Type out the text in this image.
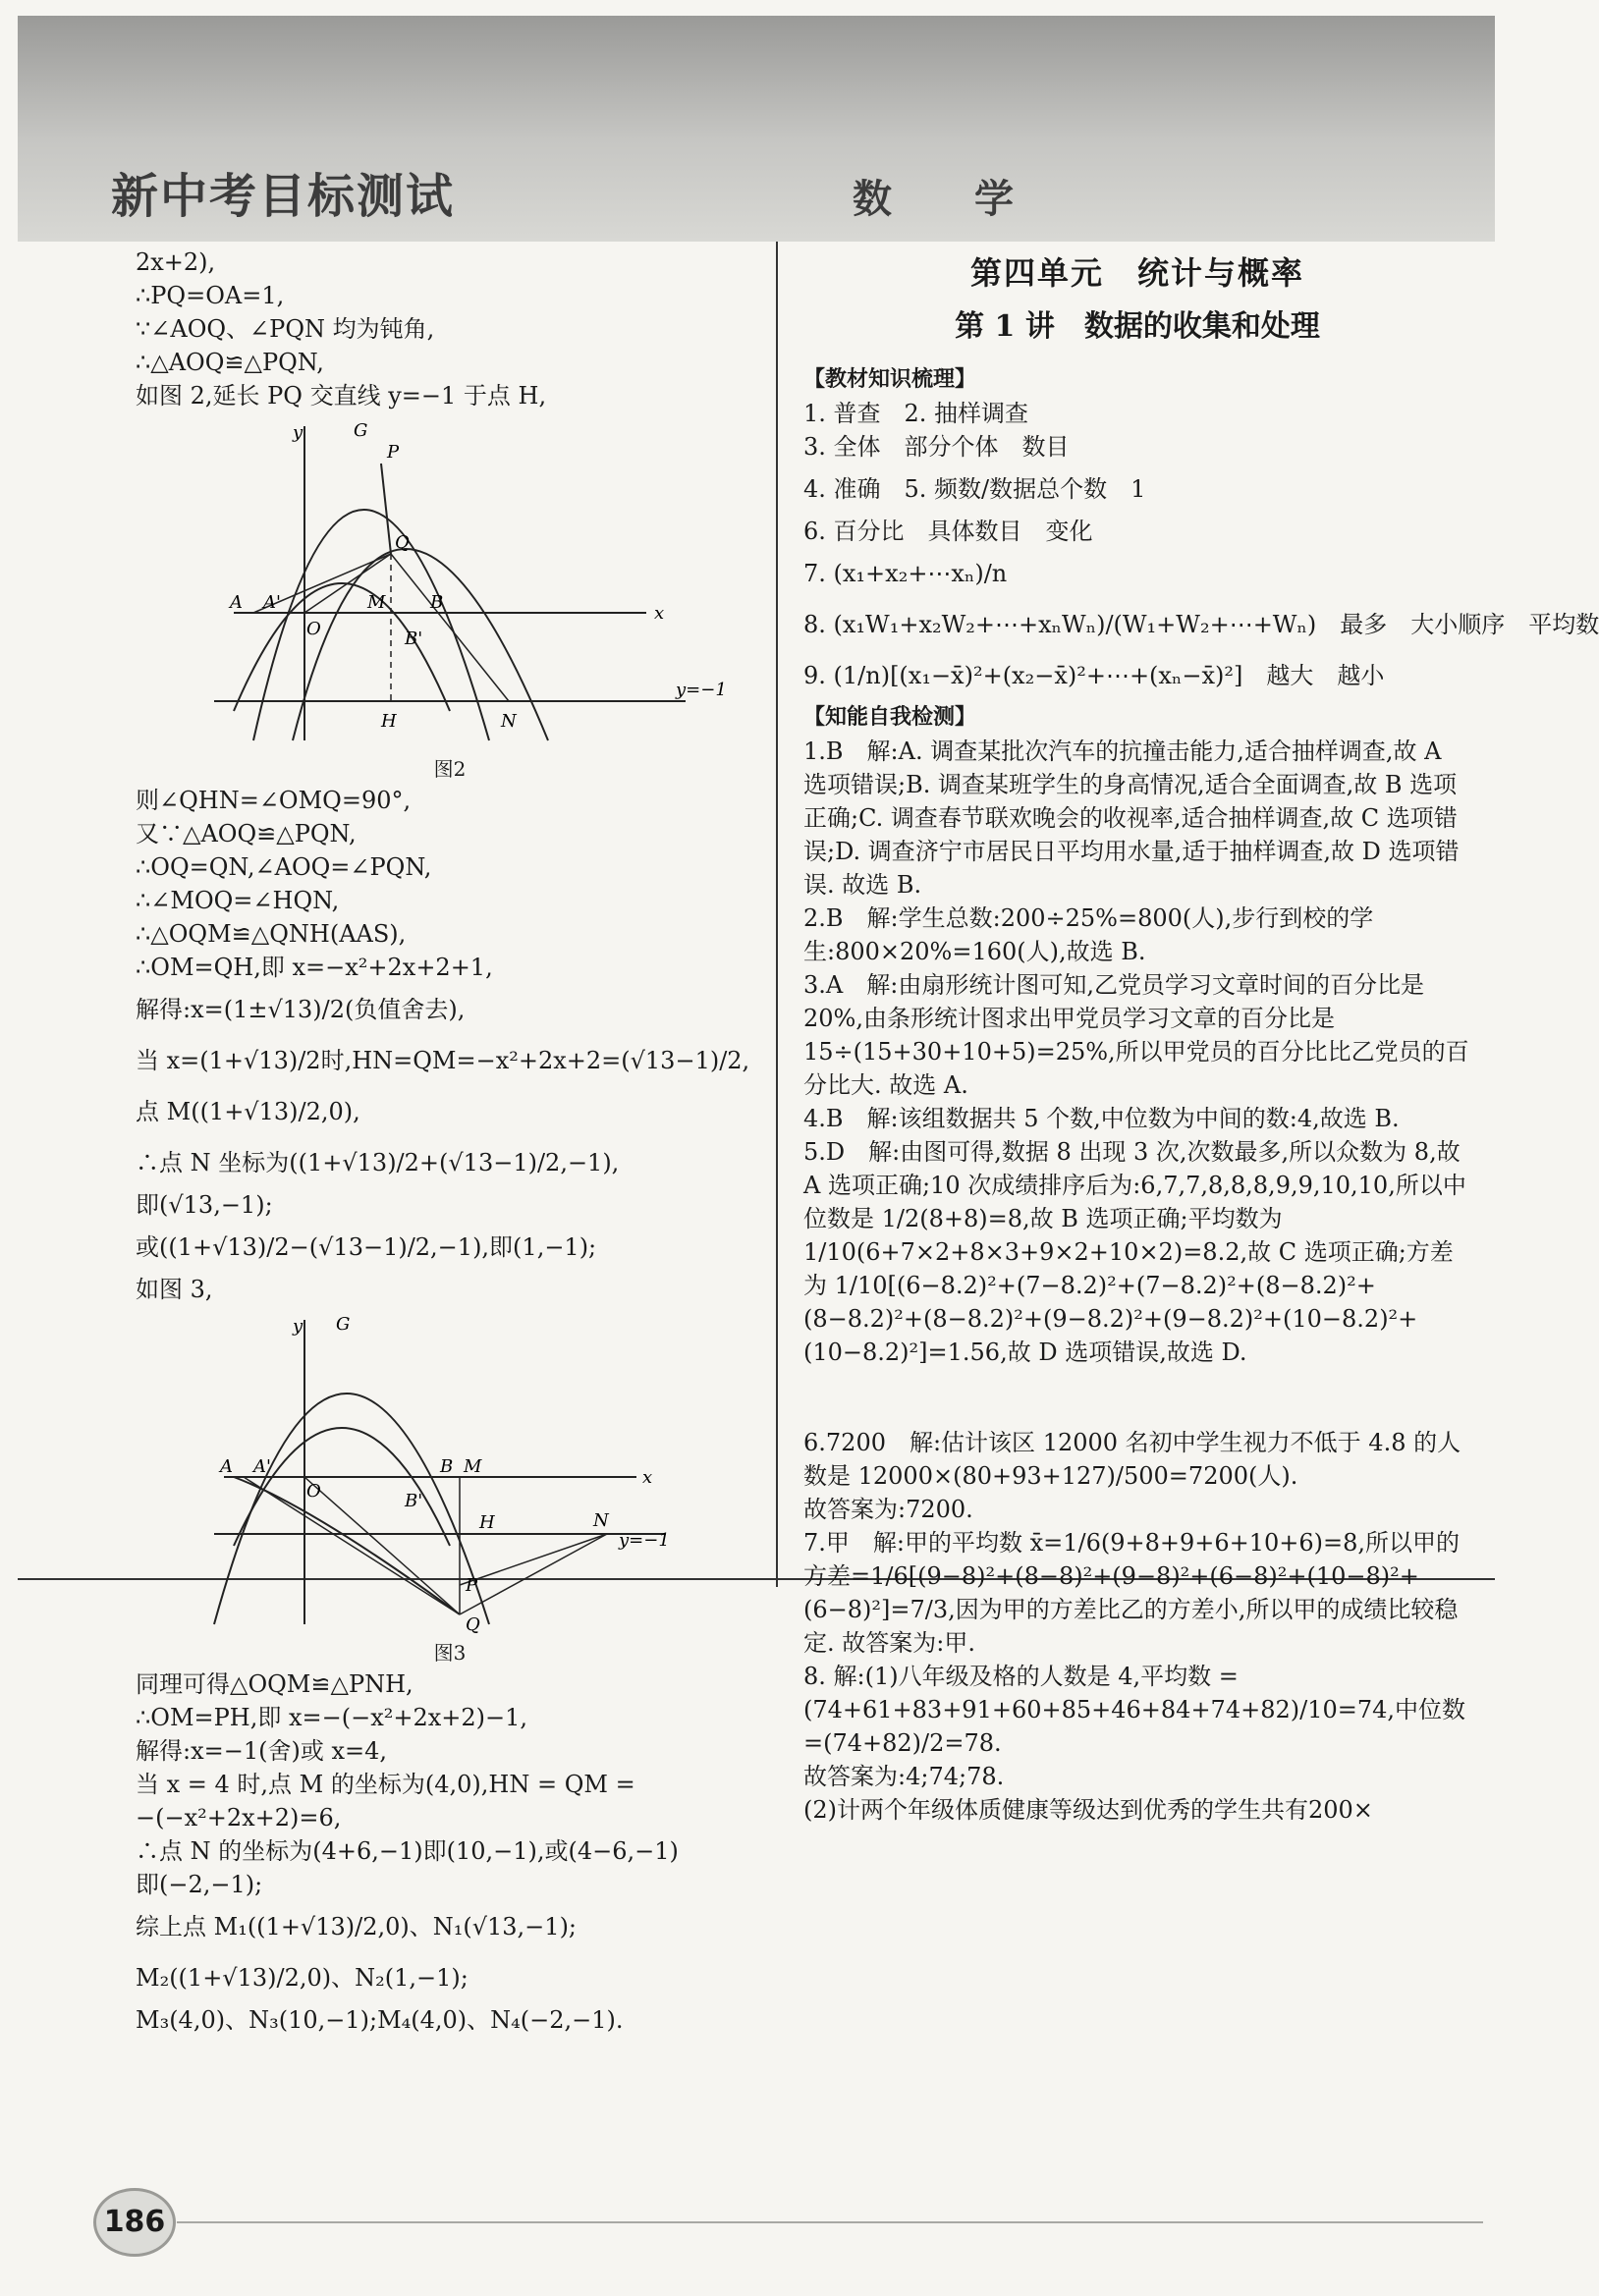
新中考目标测试	数　学
2x+2),
∴PQ=OA=1,
∵∠AOQ、∠PQN 均为钝角,
∴△AOQ≌△PQN,
如图 2,延长 PQ 交直线 y=−1 于点 H,
y
x
G
P
Q
A A'
O
M	B
B'
H	N
y=−1
图2
则∠QHN=∠OMQ=90°,
又∵△AOQ≌△PQN,
∴OQ=QN,∠AOQ=∠PQN,
∴∠MOQ=∠HQN,
∴△OQM≌△QNH(AAS),
∴OM=QH,即 x=−x²+2x+2+1,
解得:x=(1±√13)/2(负值舍去),
当 x=(1+√13)/2时,HN=QM=−x²+2x+2=(√13−1)/2,
点 M((1+√13)/2,0),
∴点 N 坐标为((1+√13)/2+(√13−1)/2,−1),
即(√13,−1);
或((1+√13)/2−(√13−1)/2,−1),即(1,−1);
如图 3,
y
x
G
A A'
O
B M
B'
H	N
P
Q
y=−1
图3
同理可得△OQM≌△PNH,
∴OM=PH,即 x=−(−x²+2x+2)−1,
解得:x=−1(舍)或 x=4,
当 x = 4 时,点 M 的坐标为(4,0),HN = QM =
−(−x²+2x+2)=6,
∴点 N 的坐标为(4+6,−1)即(10,−1),或(4−6,−1)
即(−2,−1);
综上点 M₁((1+√13)/2,0)、N₁(√13,−1);
M₂((1+√13)/2,0)、N₂(1,−1);
M₃(4,0)、N₃(10,−1);M₄(4,0)、N₄(−2,−1).
第四单元　统计与概率
第 1 讲　数据的收集和处理
【教材知识梳理】
1. 普查　2. 抽样调查
3. 全体　部分个体　数目
4. 准确　5. 频数/数据总个数　1
6. 百分比　具体数目　变化
7. (x₁+x₂+⋯xₙ)/n
8. (x₁W₁+x₂W₂+⋯+xₙWₙ)/(W₁+W₂+⋯+Wₙ)　最多　大小顺序　平均数
9. (1/n)[(x₁−x̄)²+(x₂−x̄)²+⋯+(xₙ−x̄)²]　越大　越小
【知能自我检测】
1.B　解:A. 调查某批次汽车的抗撞击能力,适合抽样调查,故 A 选项错误;B. 调查某班学生的身高情况,适合全面调查,故 B 选项正确;C. 调查春节联欢晚会的收视率,适合抽样调查,故 C 选项错误;D. 调查济宁市居民日平均用水量,适于抽样调查,故 D 选项错误. 故选 B.
2.B　解:学生总数:200÷25%=800(人),步行到校的学生:800×20%=160(人),故选 B.
3.A　解:由扇形统计图可知,乙党员学习文章时间的百分比是 20%,由条形统计图求出甲党员学习文章的百分比是 15÷(15+30+10+5)=25%,所以甲党员的百分比比乙党员的百分比大. 故选 A.
4.B　解:该组数据共 5 个数,中位数为中间的数:4,故选 B.
5.D　解:由图可得,数据 8 出现 3 次,次数最多,所以众数为 8,故 A 选项正确;10 次成绩排序后为:6,7,7,8,8,8,9,9,10,10,所以中位数是 1/2(8+8)=8,故 B 选项正确;平均数为 1/10(6+7×2+8×3+9×2+10×2)=8.2,故 C 选项正确;方差为 1/10[(6−8.2)²+(7−8.2)²+(7−8.2)²+(8−8.2)²+(8−8.2)²+(8−8.2)²+(9−8.2)²+(9−8.2)²+(10−8.2)²+(10−8.2)²]=1.56,故 D 选项错误,故选 D.
6.7200　解:估计该区 12000 名初中学生视力不低于 4.8 的人数是 12000×(80+93+127)/500=7200(人).
故答案为:7200.
7.甲　解:甲的平均数 x̄=1/6(9+8+9+6+10+6)=8,所以甲的方差=1/6[(9−8)²+(8−8)²+(9−8)²+(6−8)²+(10−8)²+(6−8)²]=7/3,因为甲的方差比乙的方差小,所以甲的成绩比较稳定. 故答案为:甲.
8. 解:(1)八年级及格的人数是 4,平均数 =(74+61+83+91+60+85+46+84+74+82)/10=74,中位数=(74+82)/2=78.
故答案为:4;74;78.
(2)计两个年级体质健康等级达到优秀的学生共有200×
186
